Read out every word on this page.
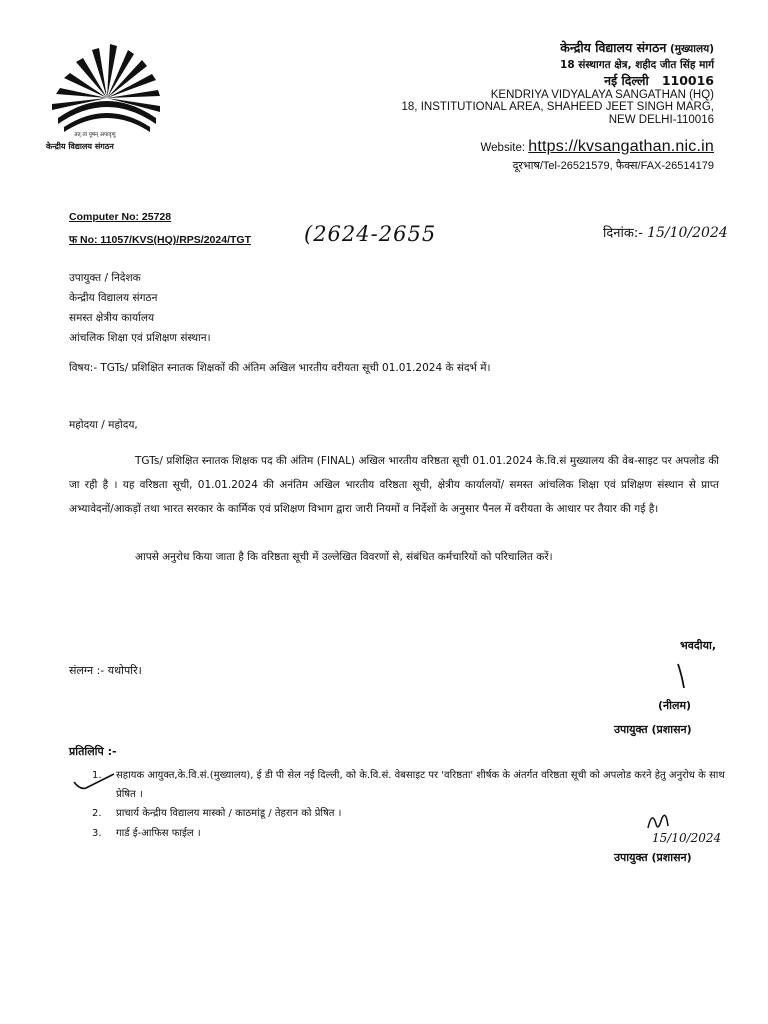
तत् त्वं पूषन् अपावृणु
केन्द्रीय विद्यालय संगठन
केन्द्रीय विद्यालय संगठन (मुख्यालय)
18 संस्थागत क्षेत्र, शहीद जीत सिंह मार्ग
नई दिल्ली 110016
KENDRIYA VIDYALAYA SANGATHAN (HQ)
18, INSTITUTIONAL AREA, SHAHEED JEET SINGH MARG,
NEW DELHI-110016
Website: https://kvsangathan.nic.in
दूरभाष/Tel-26521579, फैक्स/FAX-26514179
Computer No: 25728
फ No: 11057/KVS(HQ)/RPS/2024/TGT	(2624-2655	दिनांक:- 15/10/2024
उपायुक्त / निदेशक
केन्द्रीय विद्यालय संगठन
समस्त क्षेत्रीय कार्यालय
आंचलिक शिक्षा एवं प्रशिक्षण संस्थान।
विषय:- TGTs/ प्रशिक्षित स्नातक शिक्षकों की अंतिम अखिल भारतीय वरीयता सूची 01.01.2024 के संदर्भ में।
महोदया / महोदय,
TGTs/ प्रशिक्षित स्नातक शिक्षक पद की अंतिम (FINAL) अखिल भारतीय वरिष्ठता सूची 01.01.2024 के.वि.सं मुख्यालय की वेब-साइट पर अपलोड की जा रही है । यह वरिष्ठता सूची, 01.01.2024 की अनंतिम अखिल भारतीय वरिष्ठता सूची, क्षेत्रीय कार्यालयों/ समस्त आंचलिक शिक्षा एवं प्रशिक्षण संस्थान से प्राप्त अभ्यावेदनों/आकड़ों तथा भारत सरकार के कार्मिक एवं प्रशिक्षण विभाग द्वारा जारी नियमों व निर्देशों के अनुसार पैनल में वरीयता के आधार पर तैयार की गई है।
आपसे अनुरोध किया जाता है कि वरिष्ठता सूची में उल्लेखित विवरणों से, संबंधित कर्मचारियों को परिचालित करें।
भवदीया,
संलग्न :- यथोपरि।
(नीलम)
उपायुक्त (प्रशासन)
प्रतिलिपि :-
1.	सहायक आयुक्त,के.वि.सं.(मुख्यालय), ई डी पी सेल नई दिल्ली, को के.वि.सं. वेबसाइट पर 'वरिष्ठता' शीर्षक के अंतर्गत वरिष्ठता सूची को अपलोड करने हेतु अनुरोध के साथ प्रेषित ।
2.	प्राचार्य केन्द्रीय विद्यालय मास्को / काठमांडू / तेहरान को प्रेषित ।
3.	गार्ड ई-आफिस फाईल ।	15/10/2024
उपायुक्त (प्रशासन)
